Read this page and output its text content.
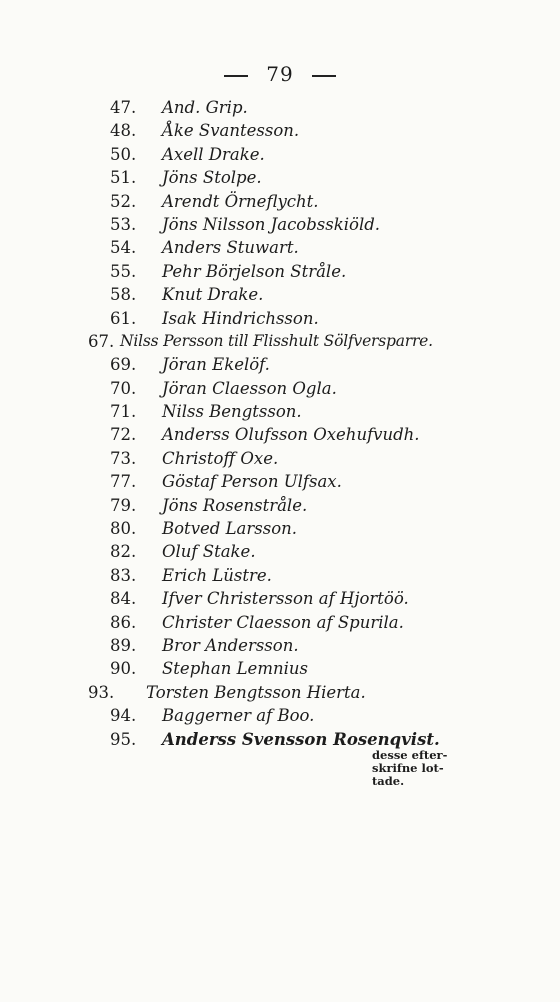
79
47.	And. Grip.
48.	Åke Svantesson.
50.	Axell Drake.
51.	Jöns Stolpe.
52.	Arendt Örneflycht.
53.	Jöns Nilsson Jacobsskiöld.
54.	Anders Stuwart.
55.	Pehr Börjelson Stråle.
58.	Knut Drake.
61.	Isak Hindrichsson.
67. Nilss Persson till Flisshult Sölfversparre.
69.	Jöran Ekelöf.
70.	Jöran Claesson Ogla.
71.	Nilss Bengtsson.
72.	Anderss Olufsson Oxehufvudh.
73.	Christoff Oxe.
77.	Göstaf Person Ulfsax.
79.	Jöns Rosenstråle.
80.	Botved Larsson.
82.	Oluf Stake.
83.	Erich Lüstre.
84.	Ifver Christersson af Hjortöö.
86.	Christer Claesson af Spurila.
89.	Bror Andersson.
90.	Stephan Lemnius
93.	Torsten Bengtsson Hierta.
94.	Baggerner af Boo.
95.	Anderss Svensson Rosenqvist.
desse efter-
skrifne lot-
tade.
